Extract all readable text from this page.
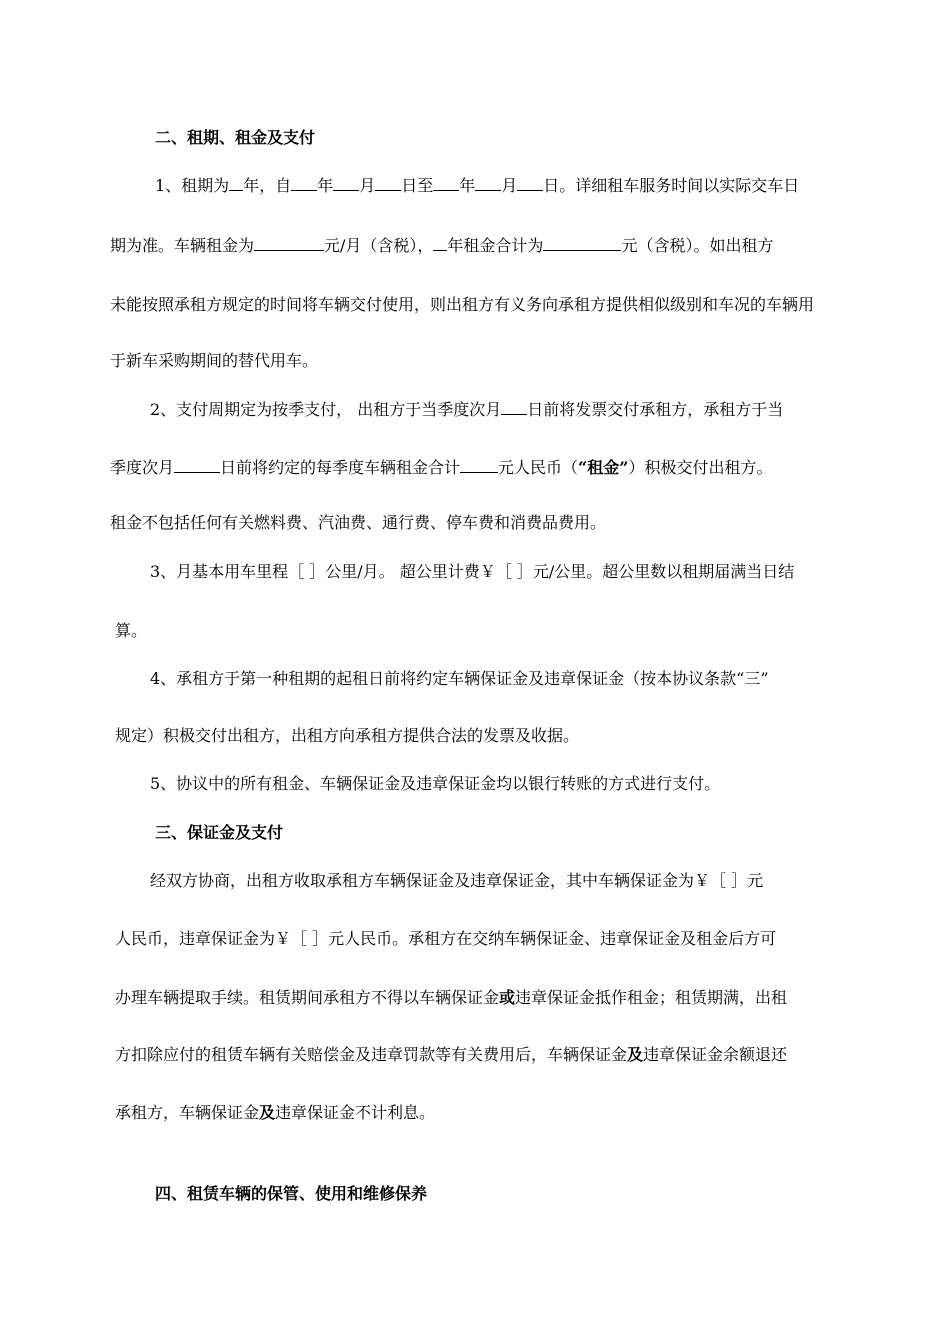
二、租期、租金及支付
1、租期为 年，自 年 月 日至 年 月 日。详细租车服务时间以实际交车日
期为准。车辆租金为	元/月（含税）， 年租金合计为	元（含税）。如出租方
未能按照承租方规定的时间将车辆交付使用，则出租方有义务向承租方提供相似级别和车况的车辆用
于新车采购期间的替代用车。
2、支付周期定为按季支付， 出租方于当季度次月 日前将发票交付承租方，承租方于当
季度次月	日前将约定的每季度车辆租金合计 元人民币（“租金”）积极交付出租方。
租金不包括任何有关燃料费、汽油费、通行费、停车费和消费品费用。
3、月基本用车里程［ ］公里/月。 超公里计费￥［ ］元/公里。超公里数以租期届满当日结
算。
4、承租方于第一种租期的起租日前将约定车辆保证金及违章保证金（按本协议条款“三”
规定）积极交付出租方，出租方向承租方提供合法的发票及收据。
5、协议中的所有租金、车辆保证金及违章保证金均以银行转账的方式进行支付。
三、保证金及支付
经双方协商，出租方收取承租方车辆保证金及违章保证金，其中车辆保证金为￥［ ］元
人民币，违章保证金为￥［ ］元人民币。承租方在交纳车辆保证金、违章保证金及租金后方可
办理车辆提取手续。租赁期间承租方不得以车辆保证金或违章保证金抵作租金；租赁期满，出租
方扣除应付的租赁车辆有关赔偿金及违章罚款等有关费用后，车辆保证金及违章保证金余额退还
承租方，车辆保证金及违章保证金不计利息。
四、租赁车辆的保管、使用和维修保养
